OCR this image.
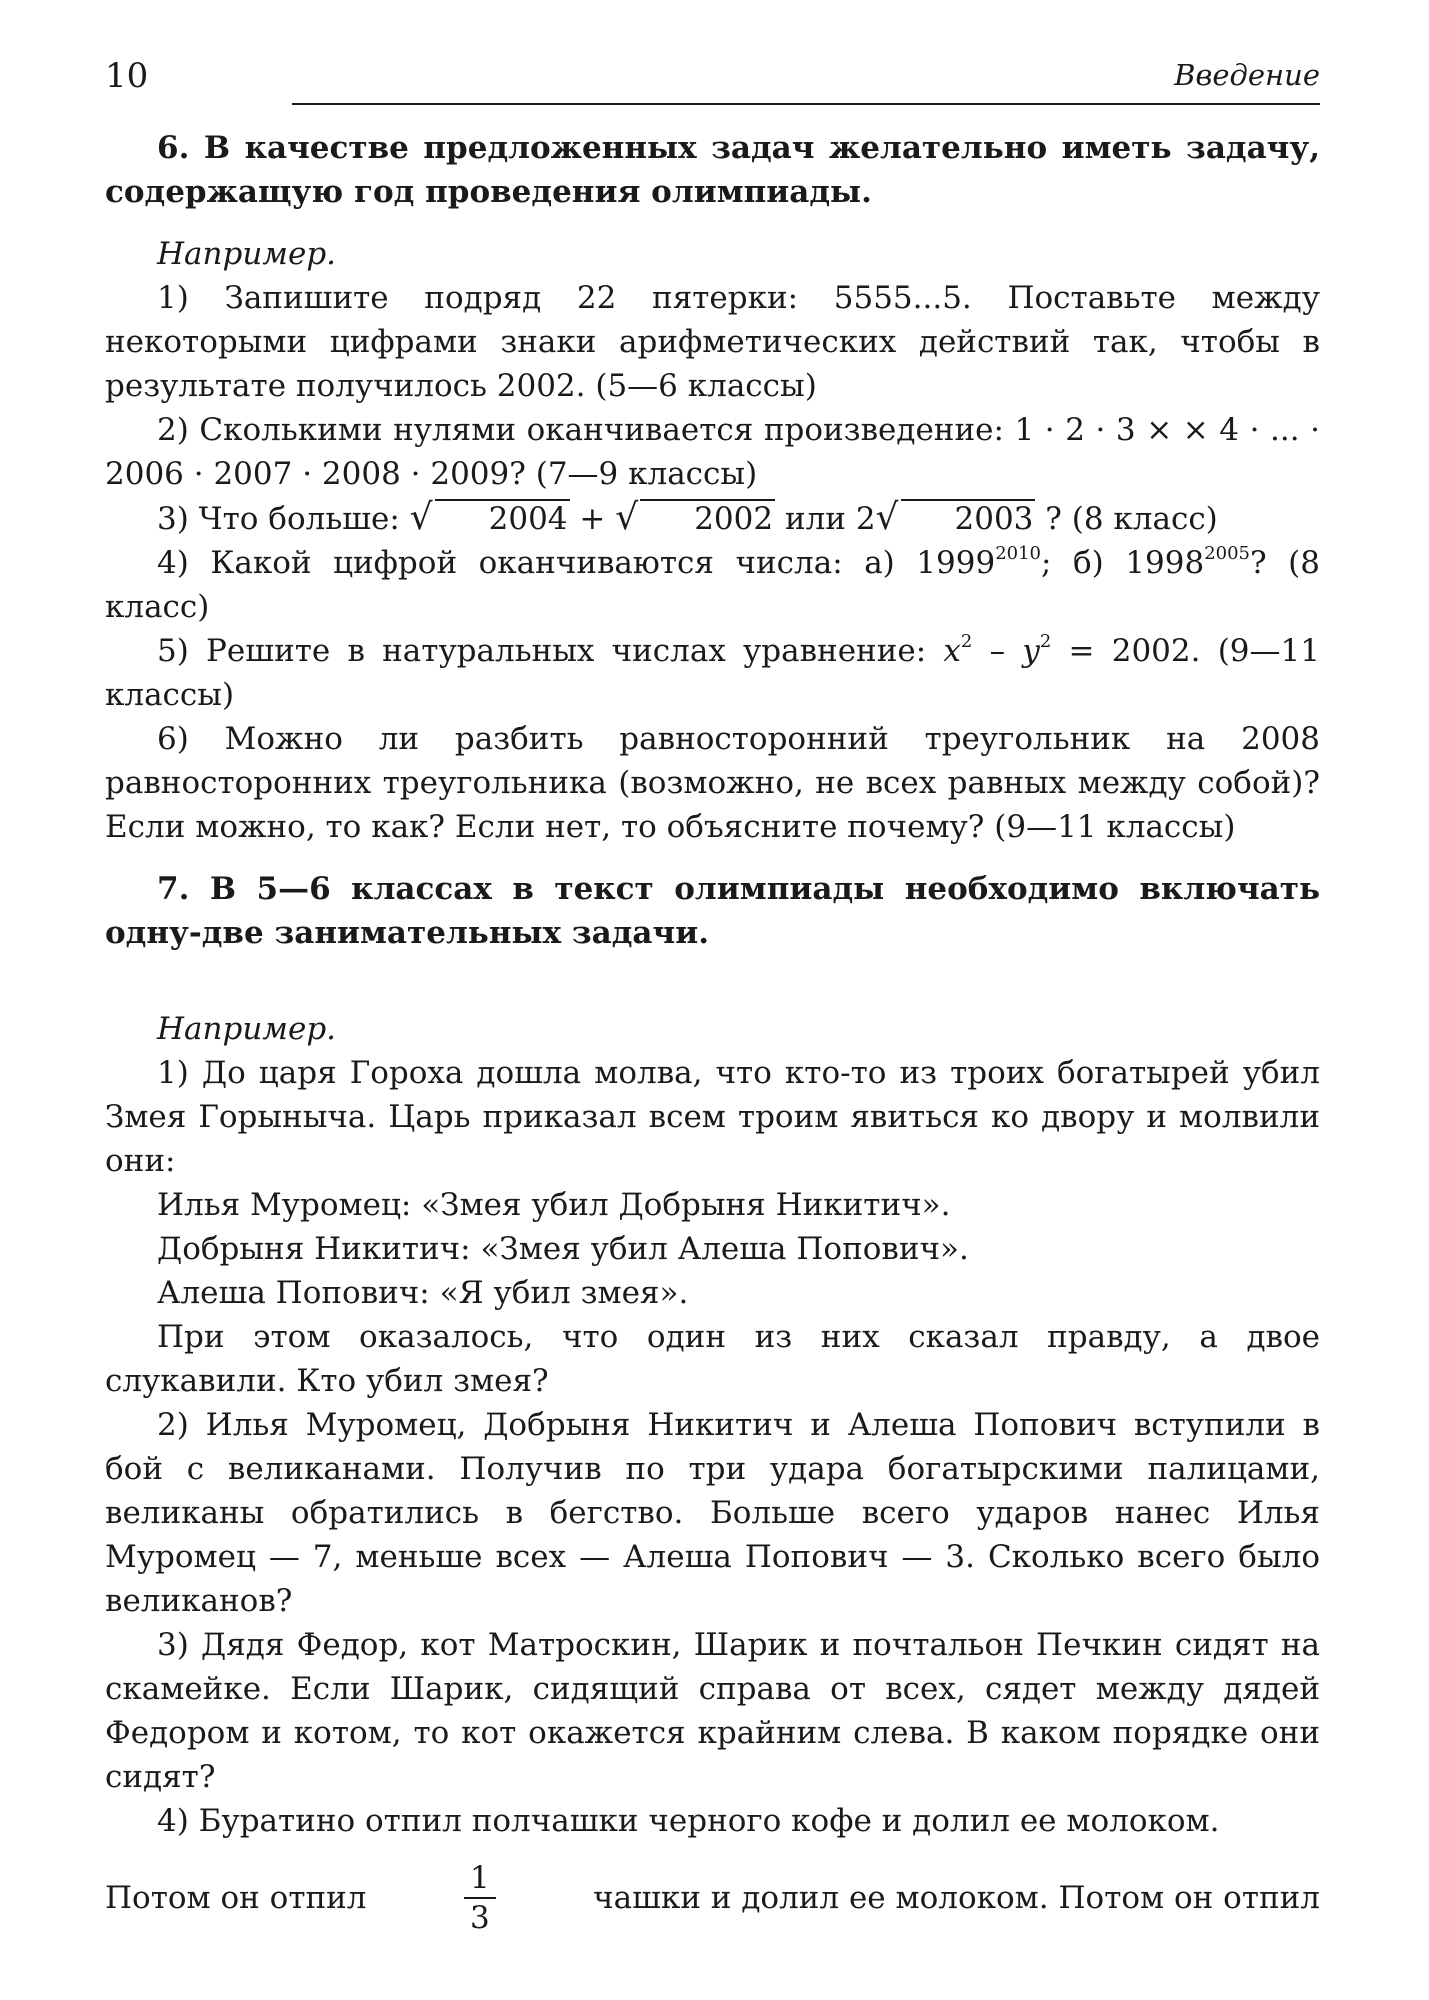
10	Введение

6. В качестве предложенных задач желательно иметь задачу, содержащую год проведения олимпиады.

Например.

1) Запишите подряд 22 пятерки: 5555...5. Поставьте между некоторыми цифрами знаки арифметических действий так, чтобы в результате получилось 2002. (5—6 классы)

2) Сколькими нулями оканчивается произведение: 1 · 2 · 3 × × 4 · ... · 2006 · 2007 · 2008 · 2009? (7—9 классы)

3) Что больше: √ 2004 + √ 2002 или 2√ 2003 ? (8 класс)

4) Какой цифрой оканчиваются числа: а) $1999^{2010}$; б) $1998^{2005}$? (8 класс)

5) Решите в натуральных числах уравнение: $x^2 - y^2 = 2002$. (9—11 классы)

6) Можно ли разбить равносторонний треугольник на 2008 равносторонних треугольника (возможно, не всех равных между собой)? Если можно, то как? Если нет, то объясните почему? (9—11 классы)

7. В 5—6 классах в текст олимпиады необходимо включать одну-две занимательных задачи.

Например.

1) До царя Гороха дошла молва, что кто-то из троих богатырей убил Змея Горыныча. Царь приказал всем троим явиться ко двору и молвили они:

Илья Муромец: «Змея убил Добрыня Никитич».

Добрыня Никитич: «Змея убил Алеша Попович».

Алеша Попович: «Я убил змея».

При этом оказалось, что один из них сказал правду, а двое слукавили. Кто убил змея?

2) Илья Муромец, Добрыня Никитич и Алеша Попович вступили в бой с великанами. Получив по три удара богатырскими палицами, великаны обратились в бегство. Больше всего ударов нанес Илья Муромец — 7, меньше всех — Алеша Попович — 3. Сколько всего было великанов?

3) Дядя Федор, кот Матроскин, Шарик и почтальон Печкин сидят на скамейке. Если Шарик, сидящий справа от всех, сядет между дядей Федором и котом, то кот окажется крайним слева. В каком порядке они сидят?

4) Буратино отпил полчашки черного кофе и долил ее молоком.

Потом он отпил	$\frac{1}{3}$	чашки и долил ее молоком. Потом он отпил
